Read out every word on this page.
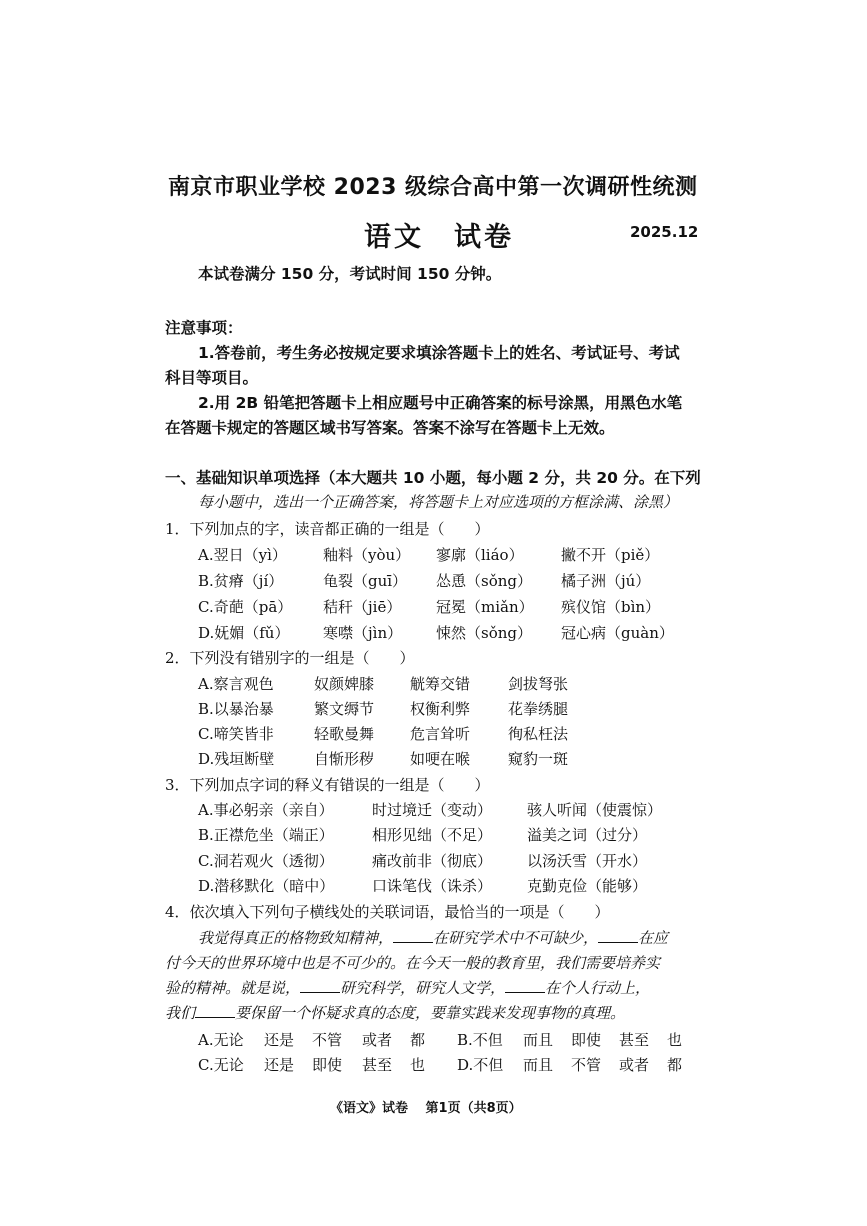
南京市职业学校 2023 级综合高中第一次调研性统测
语文　试卷	2025.12
本试卷满分 150 分，考试时间 150 分钟。
注意事项：
1.答卷前，考生务必按规定要求填涂答题卡上的姓名、考试证号、考试
科目等项目。
2.用 2B 铅笔把答题卡上相应题号中正确答案的标号涂黑，用黑色水笔
在答题卡规定的答题区域书写答案。答案不涂写在答题卡上无效。
一、基础知识单项选择（本大题共 10 小题，每小题 2 分，共 20 分。在下列
每小题中，选出一个正确答案，将答题卡上对应选项的方框涂满、涂黑）
1．下列加点的字，读音都正确的一组是（　　）
A.翌日（yì）	釉料（yòu）	寥廓（liáo）	撇不开（piě）
B.贫瘠（jí）	龟裂（guī）	怂恿（sǒng）	橘子洲（jú）
C.奇葩（pā）	秸秆（jiē）	冠冕（miǎn）	殡仪馆（bìn）
D.妩媚（fǔ）	寒噤（jìn）	悚然（sǒng）	冠心病（guàn）
2．下列没有错别字的一组是（　　）
A.察言观色	奴颜婢膝	觥筹交错	剑拔弩张
B.以暴治暴	繁文缛节	权衡利弊	花拳绣腿
C.啼笑皆非	轻歌曼舞	危言耸听	徇私枉法
D.残垣断壁	自惭形秽	如哽在喉	窥豹一斑
3．下列加点字词的释义有错误的一组是（　　）
A.事必躬亲（亲自）	时过境迁（变动）	骇人听闻（使震惊）
B.正襟危坐（端正）	相形见绌（不足）	溢美之词（过分）
C.洞若观火（透彻）	痛改前非（彻底）	以汤沃雪（开水）
D.潜移默化（暗中）	口诛笔伐（诛杀）	克勤克俭（能够）
4．依次填入下列句子横线处的关联词语，最恰当的一项是（　　）
我觉得真正的格物致知精神，	在研究学术中不可缺少，	在应
付今天的世界环境中也是不可少的。在今天一般的教育里，我们需要培养实
验的精神。就是说，	研究科学，研究人文学，	在个人行动上，
我们	要保留一个怀疑求真的态度，要靠实践来发现事物的真理。
A.无论	还是	不管	或者	都	B.不但	而且	即使	甚至	也
C.无论	还是	即使	甚至	也	D.不但	而且	不管	或者	都
《语文》试卷　 第1页（共8页）
